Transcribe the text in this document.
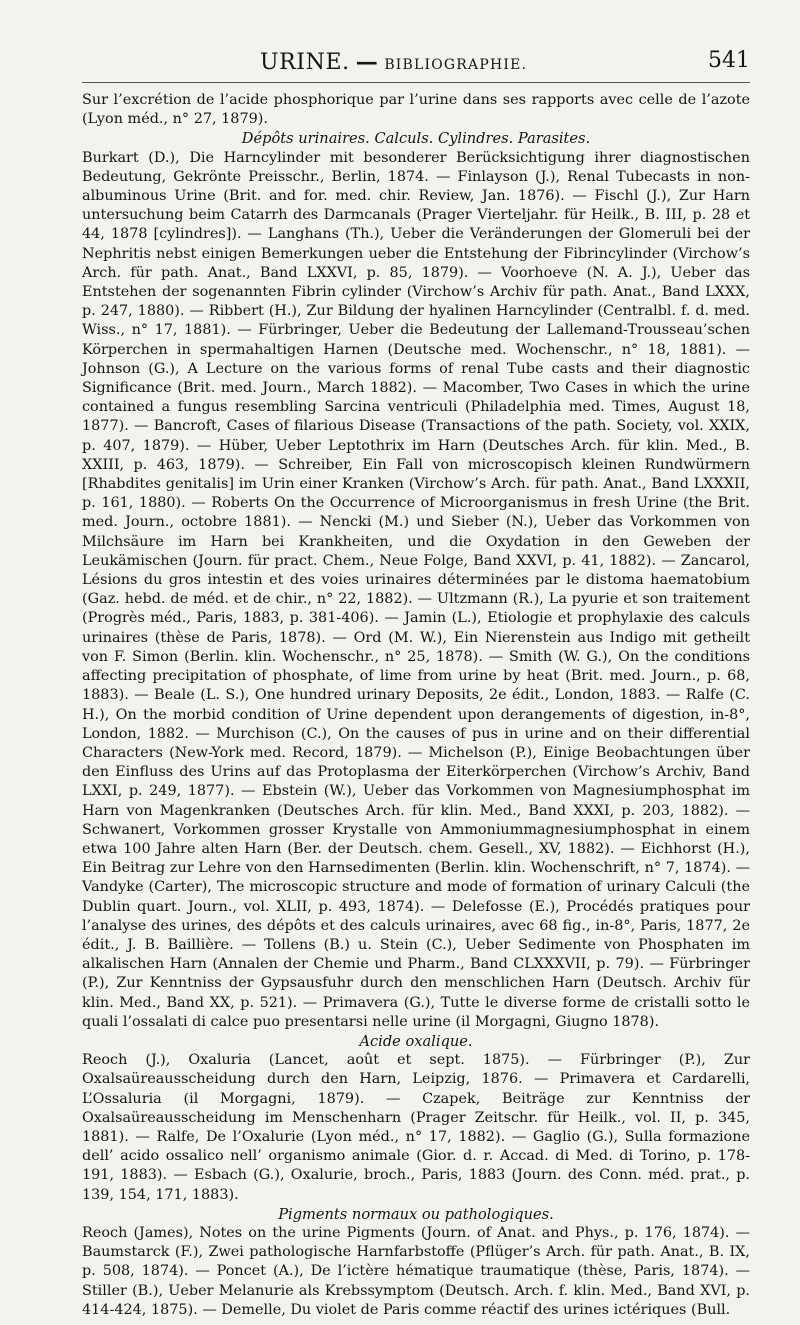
URINE. — BIBLIOGRAPHIE.	541

Sur l’excrétion de l’acide phosphorique par l’urine dans ses rapports avec celle de l’azote (Lyon méd., n° 27, 1879).

Dépôts urinaires. Calculs. Cylindres. Parasites.

Burkart (D.), Die Harncylinder mit besonderer Berücksichtigung ihrer diagnostischen Bedeutung, Gekrönte Preisschr., Berlin, 1874. — Finlayson (J.), Renal Tubecasts in non-albuminous Urine (Brit. and for. med. chir. Review, Jan. 1876). — Fischl (J.), Zur Harn untersuchung beim Catarrh des Darmcanals (Prager Vierteljahr. für Heilk., B. III, p. 28 et 44, 1878 [cylindres]). — Langhans (Th.), Ueber die Veränderungen der Glomeruli bei der Nephritis nebst einigen Bemerkungen ueber die Entstehung der Fibrincylinder (Virchow’s Arch. für path. Anat., Band LXXVI, p. 85, 1879). — Voorhoeve (N. A. J.), Ueber das Entstehen der sogenannten Fibrin cylinder (Virchow’s Archiv für path. Anat., Band LXXX, p. 247, 1880). — Ribbert (H.), Zur Bildung der hyalinen Harncylinder (Centralbl. f. d. med. Wiss., n° 17, 1881). — Fürbringer, Ueber die Bedeutung der Lallemand-Trousseau’schen Körperchen in spermahaltigen Harnen (Deutsche med. Wochenschr., n° 18, 1881). — Johnson (G.), A Lecture on the various forms of renal Tube casts and their diagnostic Significance (Brit. med. Journ., March 1882). — Macomber, Two Cases in which the urine contained a fungus resembling Sarcina ventriculi (Philadelphia med. Times, August 18, 1877). — Bancroft, Cases of filarious Disease (Transactions of the path. Society, vol. XXIX, p. 407, 1879). — Hüber, Ueber Leptothrix im Harn (Deutsches Arch. für klin. Med., B. XXIII, p. 463, 1879). — Schreiber, Ein Fall von microscopisch kleinen Rundwürmern [Rhabdites genitalis] im Urin einer Kranken (Virchow’s Arch. für path. Anat., Band LXXXII, p. 161, 1880). — Roberts On the Occurrence of Microorganismus in fresh Urine (the Brit. med. Journ., octobre 1881). — Nencki (M.) und Sieber (N.), Ueber das Vorkommen von Milchsäure im Harn bei Krankheiten, und die Oxydation in den Geweben der Leukämischen (Journ. für pract. Chem., Neue Folge, Band XXVI, p. 41, 1882). — Zancarol, Lésions du gros intestin et des voies urinaires déterminées par le distoma haematobium (Gaz. hebd. de méd. et de chir., n° 22, 1882). — Ultzmann (R.), La pyurie et son traitement (Progrès méd., Paris, 1883, p. 381-406). — Jamin (L.), Etiologie et prophylaxie des calculs urinaires (thèse de Paris, 1878). — Ord (M. W.), Ein Nierenstein aus Indigo mit getheilt von F. Simon (Berlin. klin. Wochenschr., n° 25, 1878). — Smith (W. G.), On the conditions affecting precipitation of phosphate, of lime from urine by heat (Brit. med. Journ., p. 68, 1883). — Beale (L. S.), One hundred urinary Deposits, 2e édit., London, 1883. — Ralfe (C. H.), On the morbid condition of Urine dependent upon derangements of digestion, in-8°, London, 1882. — Murchison (C.), On the causes of pus in urine and on their differential Characters (New-York med. Record, 1879). — Michelson (P.), Einige Beobachtungen über den Einfluss des Urins auf das Protoplasma der Eiterkörperchen (Virchow’s Archiv, Band LXXI, p. 249, 1877). — Ebstein (W.), Ueber das Vorkommen von Magnesiumphosphat im Harn von Magenkranken (Deutsches Arch. für klin. Med., Band XXXI, p. 203, 1882). — Schwanert, Vorkommen grosser Krystalle von Ammoniummagnesiumphosphat in einem etwa 100 Jahre alten Harn (Ber. der Deutsch. chem. Gesell., XV, 1882). — Eichhorst (H.), Ein Beitrag zur Lehre von den Harnsedimenten (Berlin. klin. Wochenschrift, n° 7, 1874). — Vandyke (Carter), The microscopic structure and mode of formation of urinary Calculi (the Dublin quart. Journ., vol. XLII, p. 493, 1874). — Delefosse (E.), Procédés pratiques pour l’analyse des urines, des dépôts et des calculs urinaires, avec 68 fig., in-8°, Paris, 1877, 2e édit., J. B. Baillière. — Tollens (B.) u. Stein (C.), Ueber Sedimente von Phosphaten im alkalischen Harn (Annalen der Chemie und Pharm., Band CLXXXVII, p. 79). — Fürbringer (P.), Zur Kenntniss der Gypsausfuhr durch den menschlichen Harn (Deutsch. Archiv für klin. Med., Band XX, p. 521). — Primavera (G.), Tutte le diverse forme de cristalli sotto le quali l’ossalati di calce puo presentarsi nelle urine (il Morgagni, Giugno 1878).

Acide oxalique.

Reoch (J.), Oxaluria (Lancet, août et sept. 1875). — Fürbringer (P.), Zur Oxalsaüreausscheidung durch den Harn, Leipzig, 1876. — Primavera et Cardarelli, L’Ossaluria (il Morgagni, 1879). — Czapek, Beiträge zur Kenntniss der Oxalsaüreausscheidung im Menschenharn (Prager Zeitschr. für Heilk., vol. II, p. 345, 1881). — Ralfe, De l’Oxalurie (Lyon méd., n° 17, 1882). — Gaglio (G.), Sulla formazione dell’ acido ossalico nell’ organismo animale (Gior. d. r. Accad. di Med. di Torino, p. 178-191, 1883). — Esbach (G.), Oxalurie, broch., Paris, 1883 (Journ. des Conn. méd. prat., p. 139, 154, 171, 1883).

Pigments normaux ou pathologiques.

Reoch (James), Notes on the urine Pigments (Journ. of Anat. and Phys., p. 176, 1874). — Baumstarck (F.), Zwei pathologische Harnfarbstoffe (Pflüger’s Arch. für path. Anat., B. IX, p. 508, 1874). — Poncet (A.), De l’ictère hématique traumatique (thèse, Paris, 1874). — Stiller (B.), Ueber Melanurie als Krebssymptom (Deutsch. Arch. f. klin. Med., Band XVI, p. 414-424, 1875). — Demelle, Du violet de Paris comme réactif des urines ictériques (Bull.
